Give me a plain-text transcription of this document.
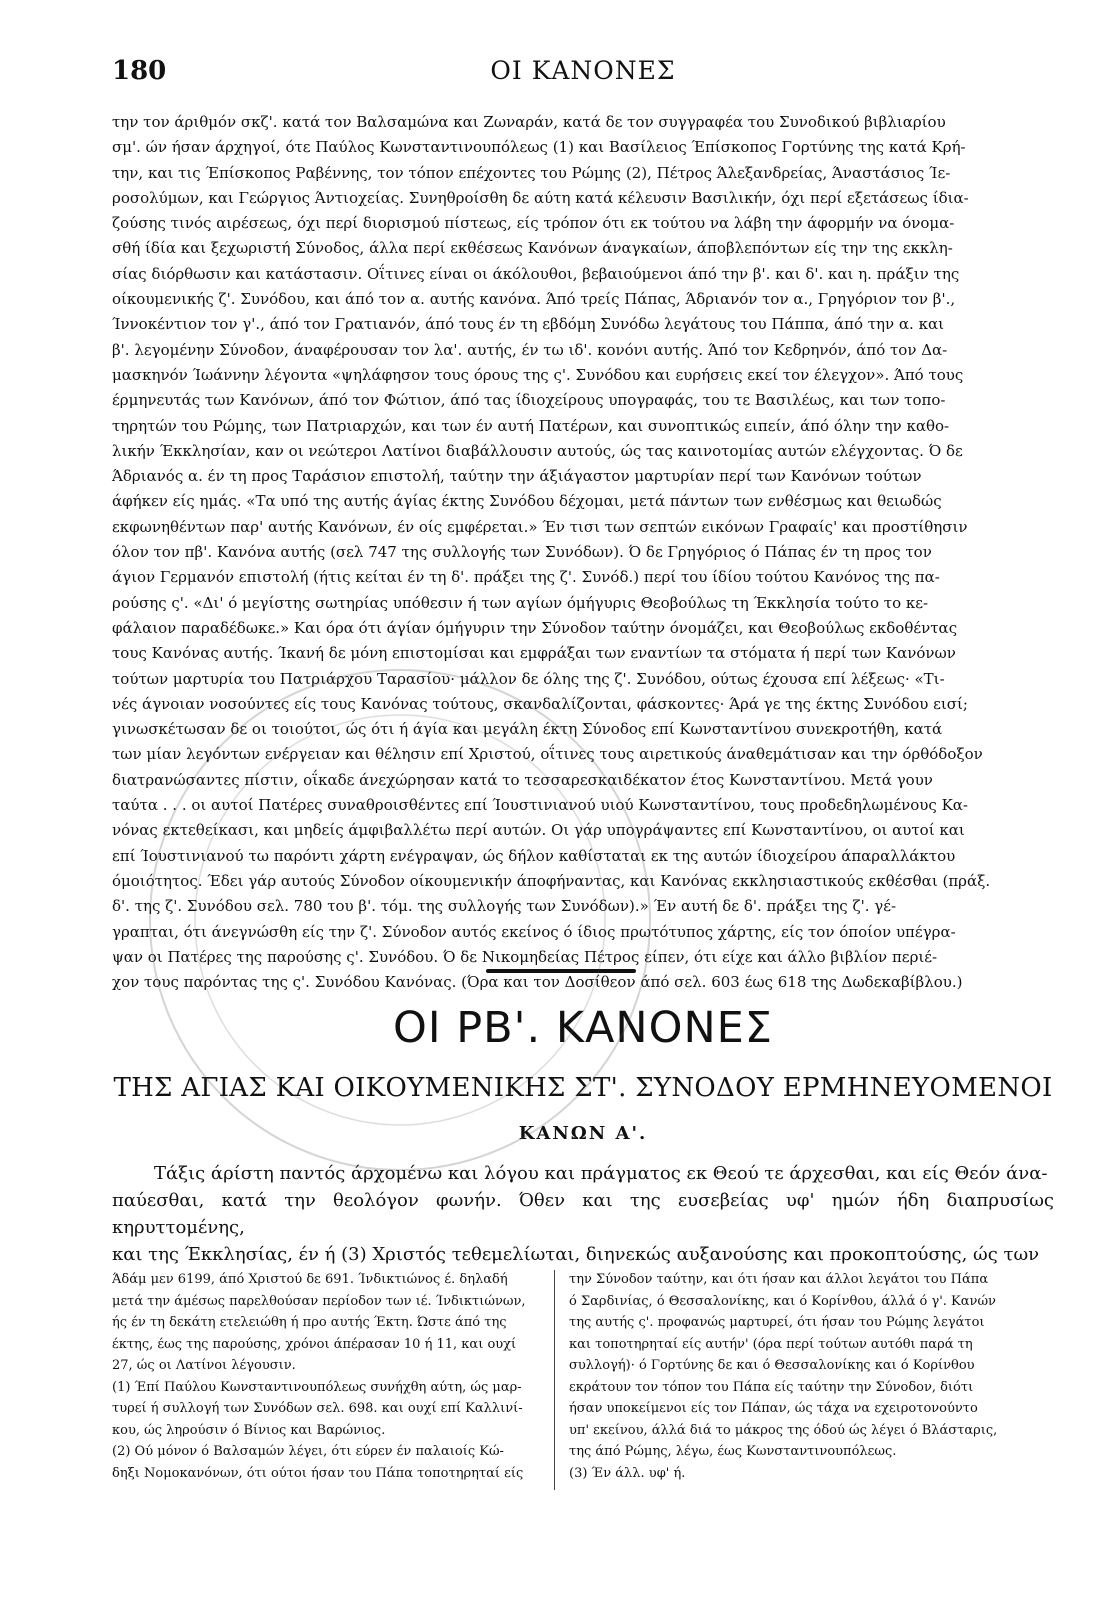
180	ΟΙ ΚΑΝΟΝΕΣ
την τον άριθμόν σκζ'. κατά τον Βαλσαμώνα και Ζωναράν, κατά δε τον συγγραφέα του Συνοδικού βιβλιαρίου
σμ'. ών ήσαν άρχηγοί, ότε Παύλος Κωνσταντινουπόλεως (1) και Βασίλειος Έπίσκοπος Γορτύνης της κατά Κρή-
την, και τις Έπίσκοπος Ραβέννης, τον τόπον επέχοντες του Ρώμης (2), Πέτρος Άλεξανδρείας, Άναστάσιος Ίε-
ροσολύμων, και Γεώργιος Άντιοχείας. Συνηθροίσθη δε αύτη κατά κέλευσιν Βασιλικήν, όχι περί εξετάσεως ίδια-
ζούσης τινός αιρέσεως, όχι περί διορισμού πίστεως, είς τρόπον ότι εκ τούτου να λάβη την άφορμήν να όνομα-
σθή ίδία και ξεχωριστή Σύνοδος, άλλα περί εκθέσεως Κανόνων άναγκαίων, άποβλεπόντων είς την της εκκλη-
σίας διόρθωσιν και κατάστασιν. Οΐτινες είναι οι άκόλουθοι, βεβαιούμενοι άπό την β'. και δ'. και η. πράξιν της
οίκουμενικής ζ'. Συνόδου, και άπό τον α. αυτής κανόνα. Άπό τρείς Πάπας, Άδριανόν τον α., Γρηγόριον τον β'.,
Ίννοκέντιον τον γ'., άπό τον Γρατιανόν, άπό τους έν τη εβδόμη Συνόδω λεγάτους του Πάππα, άπό την α. και
β'. λεγομένην Σύνοδον, άναφέρουσαν τον λα'. αυτής, έν τω ιδ'. κονόνι αυτής. Άπό τον Κεδρηνόν, άπό τον Δα-
μασκηνόν Ίωάννην λέγοντα «ψηλάφησον τους όρους της ς'. Συνόδου και ευρήσεις εκεί τον έλεγχον». Άπό τους
έρμηνευτάς των Κανόνων, άπό τον Φώτιον, άπό τας ίδιοχείρους υπογραφάς, του τε Βασιλέως, και των τοπο-
τηρητών του Ρώμης, των Πατριαρχών, και των έν αυτή Πατέρων, και συνοπτικώς ειπείν, άπό όλην την καθο-
λικήν Έκκλησίαν, καν οι νεώτεροι Λατίνοι διαβάλλουσιν αυτούς, ώς τας καινοτομίας αυτών ελέγχοντας. Ό δε
Άδριανός α. έν τη προς Ταράσιον επιστολή, ταύτην την άξιάγαστον μαρτυρίαν περί των Κανόνων τούτων
άφήκεν είς ημάς. «Τα υπό της αυτής άγίας έκτης Συνόδου δέχομαι, μετά πάντων των ενθέσμως και θειωδώς
εκφωνηθέντων παρ' αυτής Κανόνων, έν οίς εμφέρεται.» Έν τισι των σεπτών εικόνων Γραφαίς' και προστίθησιν
όλον τον πβ'. Κανόνα αυτής (σελ 747 της συλλογής των Συνόδων). Ό δε Γρηγόριος ό Πάπας έν τη προς τον
άγιον Γερμανόν επιστολή (ήτις κείται έν τη δ'. πράξει της ζ'. Συνόδ.) περί του ίδίου τούτου Κανόνος της πα-
ρούσης ς'. «Δι' ό μεγίστης σωτηρίας υπόθεσιν ή των αγίων όμήγυρις Θεοβούλως τη Έκκλησία τούτο το κε-
φάλαιον παραδέδωκε.» Και όρα ότι άγίαν όμήγυριν την Σύνοδον ταύτην όνομάζει, και Θεοβούλως εκδοθέντας
τους Κανόνας αυτής. Ίκανή δε μόνη επιστομίσαι και εμφράξαι των εναντίων τα στόματα ή περί των Κανόνων
τούτων μαρτυρία του Πατριάρχου Ταρασίου· μάλλον δε όλης της ζ'. Συνόδου, ούτως έχουσα επί λέξεως· «Τι-
νές άγνοιαν νοσούντες είς τους Κανόνας τούτους, σκανδαλίζονται, φάσκοντες· Άρά γε της έκτης Συνόδου εισί;
γινωσκέτωσαν δε οι τοιούτοι, ώς ότι ή άγία και μεγάλη έκτη Σύνοδος επί Κωνσταντίνου συνεκροτήθη, κατά
των μίαν λεγόντων ενέργειαν και θέλησιν επί Χριστού, οΐτινες τους αιρετικούς άναθεμάτισαν και την όρθόδοξον
διατρανώσαντες πίστιν, οΐκαδε άνεχώρησαν κατά το τεσσαρεσκαιδέκατον έτος Κωνσταντίνου. Μετά γουν
ταύτα . . . οι αυτοί Πατέρες συναθροισθέντες επί Ίουστινιανού υιού Κωνσταντίνου, τους προδεδηλωμένους Κα-
νόνας εκτεθείκασι, και μηδείς άμφιβαλλέτω περί αυτών. Οι γάρ υπογράψαντες επί Κωνσταντίνου, οι αυτοί και
επί Ίουστινιανού τω παρόντι χάρτη ενέγραψαν, ώς δήλον καθίσταται εκ της αυτών ίδιοχείρου άπαραλλάκτου
όμοιότητος. Έδει γάρ αυτούς Σύνοδον οίκουμενικήν άποφήναντας, και Κανόνας εκκλησιαστικούς εκθέσθαι (πράξ.
δ'. της ζ'. Συνόδου σελ. 780 του β'. τόμ. της συλλογής των Συνόδων).» Έν αυτή δε δ'. πράξει της ζ'. γέ-
γραπται, ότι άνεγνώσθη είς την ζ'. Σύνοδον αυτός εκείνος ό ίδιος πρωτότυπος χάρτης, είς τον όποίον υπέγρα-
ψαν οι Πατέρες της παρούσης ς'. Συνόδου. Ό δε Νικομηδείας Πέτρος είπεν, ότι είχε και άλλο βιβλίον περιέ-
χον τους παρόντας της ς'. Συνόδου Κανόνας. (Όρα και τον Δοσίθεον άπό σελ. 603 έως 618 της Δωδεκαβίβλου.)
ΟΙ ΡΒ'. ΚΑΝΟΝΕΣ
ΤΗΣ ΑΓΙΑΣ ΚΑΙ ΟΙΚΟΥΜΕΝΙΚΗΣ ΣΤ'. ΣΥΝΟΔΟΥ ΕΡΜΗΝΕΥΟΜΕΝΟΙ
ΚΑΝΩΝ Α'.
Τάξις άρίστη παντός άρχομένω και λόγου και πράγματος εκ Θεού τε άρχεσθαι, και είς Θεόν άνα-
παύεσθαι, κατά την θεολόγον φωνήν. Όθεν και της ευσεβείας υφ' ημών ήδη διαπρυσίως κηρυττομένης,
και της Έκκλησίας, έν ή (3) Χριστός τεθεμελίωται, διηνεκώς αυξανούσης και προκοπτούσης, ώς των
Άδάμ μεν 6199, άπό Χριστού δε 691. Ίνδικτιώνος έ. δηλαδή
μετά την άμέσως παρελθούσαν περίοδον των ιέ. Ίνδικτιώνων,
ής έν τη δεκάτη ετελειώθη ή προ αυτής Έκτη. Ώστε άπό της
έκτης, έως της παρούσης, χρόνοι άπέρασαν 10 ή 11, και ουχί
27, ώς οι Λατίνοι λέγουσιν.
(1) Έπί Παύλου Κωνσταντινουπόλεως συνήχθη αύτη, ώς μαρ-
τυρεί ή συλλογή των Συνόδων σελ. 698. και ουχί επί Καλλινί-
κου, ώς ληρούσιν ό Βίνιος και Βαρώνιος.
(2) Ού μόνον ό Βαλσαμών λέγει, ότι εύρεν έν παλαιοίς Κώ-
δηξι Νομοκανόνων, ότι ούτοι ήσαν του Πάπα τοποτηρηταί είς
την Σύνοδον ταύτην, και ότι ήσαν και άλλοι λεγάτοι του Πάπα
ό Σαρδινίας, ό Θεσσαλονίκης, και ό Κορίνθου, άλλά ό γ'. Κανών
της αυτής ς'. προφανώς μαρτυρεί, ότι ήσαν του Ρώμης λεγάτοι
και τοποτηρηταί είς αυτήν' (όρα περί τούτων αυτόθι παρά τη
συλλογή)· ό Γορτύνης δε και ό Θεσσαλονίκης και ό Κορίνθου
εκράτουν τον τόπον του Πάπα είς ταύτην την Σύνοδον, διότι
ήσαν υποκείμενοι είς τον Πάπαν, ώς τάχα να εχειροτονούντο
υπ' εκείνου, άλλά διά το μάκρος της όδού ώς λέγει ό Βλάσταρις,
της άπό Ρώμης, λέγω, έως Κωνσταντινουπόλεως.
(3) Έν άλλ. υφ' ή.
